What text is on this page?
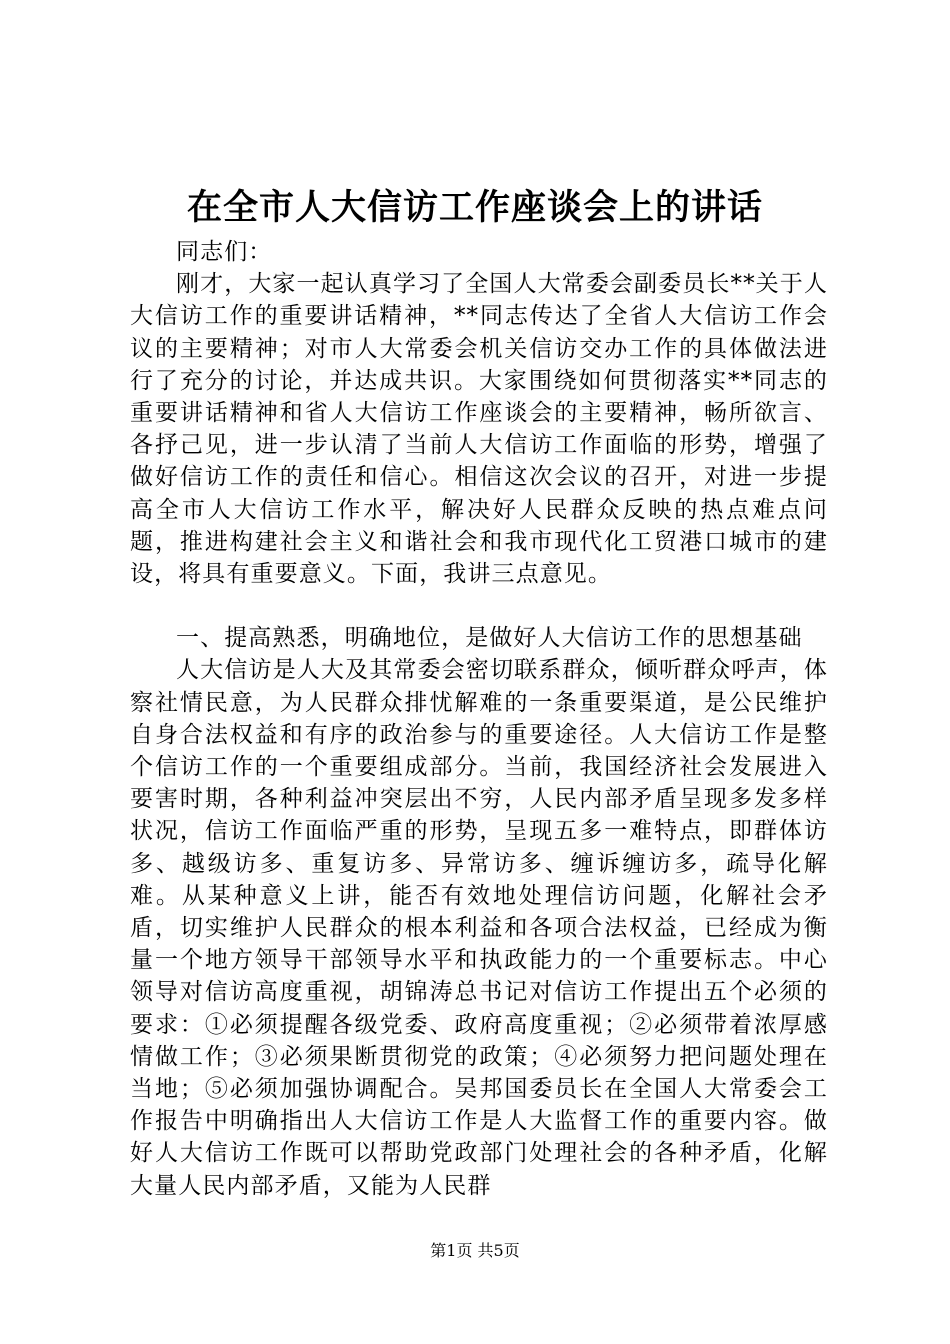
在全市人大信访工作座谈会上的讲话

同志们：

刚才，大家一起认真学习了全国人大常委会副委员长**关于人大信访工作的重要讲话精神，**同志传达了全省人大信访工作会议的主要精神；对市人大常委会机关信访交办工作的具体做法进行了充分的讨论，并达成共识。大家围绕如何贯彻落实**同志的重要讲话精神和省人大信访工作座谈会的主要精神，畅所欲言、各抒己见，进一步认清了当前人大信访工作面临的形势，增强了做好信访工作的责任和信心。相信这次会议的召开，对进一步提高全市人大信访工作水平，解决好人民群众反映的热点难点问题，推进构建社会主义和谐社会和我市现代化工贸港口城市的建设，将具有重要意义。下面，我讲三点意见。

一、提高熟悉，明确地位，是做好人大信访工作的思想基础

人大信访是人大及其常委会密切联系群众，倾听群众呼声，体察社情民意，为人民群众排忧解难的一条重要渠道，是公民维护自身合法权益和有序的政治参与的重要途径。人大信访工作是整个信访工作的一个重要组成部分。当前，我国经济社会发展进入要害时期，各种利益冲突层出不穷，人民内部矛盾呈现多发多样状况，信访工作面临严重的形势，呈现五多一难特点，即群体访多、越级访多、重复访多、异常访多、缠诉缠访多，疏导化解难。从某种意义上讲，能否有效地处理信访问题，化解社会矛盾，切实维护人民群众的根本利益和各项合法权益，已经成为衡量一个地方领导干部领导水平和执政能力的一个重要标志。中心领导对信访高度重视，胡锦涛总书记对信访工作提出五个必须的要求：①必须提醒各级党委、政府高度重视；②必须带着浓厚感情做工作；③必须果断贯彻党的政策；④必须努力把问题处理在当地；⑤必须加强协调配合。吴邦国委员长在全国人大常委会工作报告中明确指出人大信访工作是人大监督工作的重要内容。做好人大信访工作既可以帮助党政部门处理社会的各种矛盾，化解大量人民内部矛盾，又能为人民群

第1页 共5页
